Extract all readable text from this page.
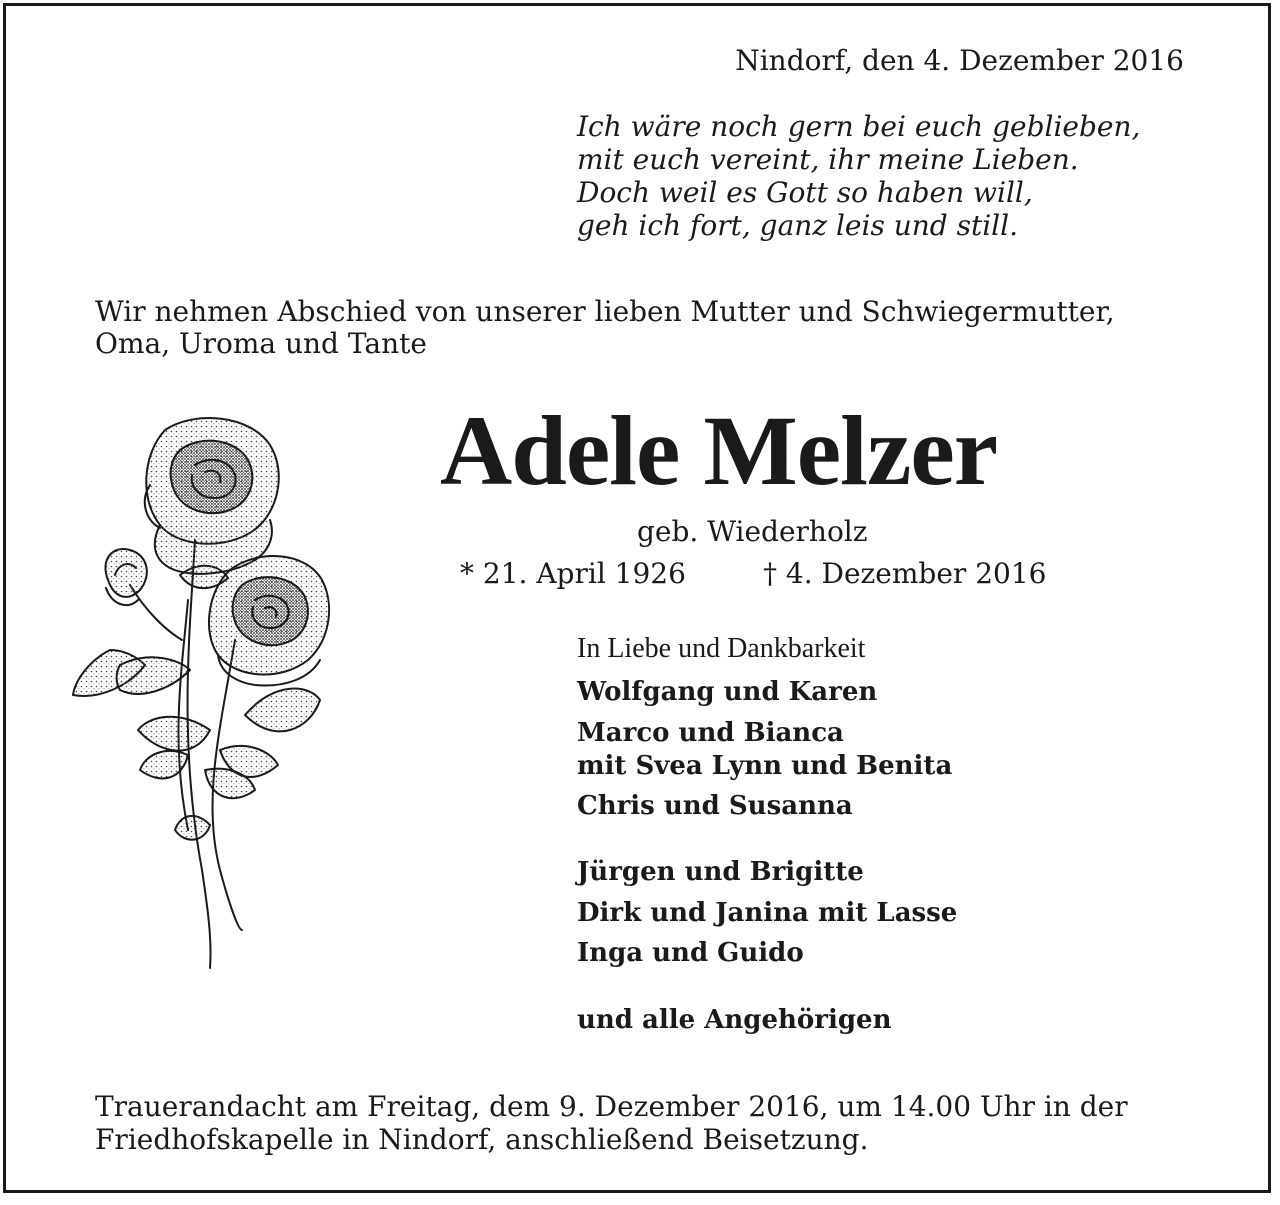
Nindorf, den 4. Dezember 2016
Ich wäre noch gern bei euch geblieben,
mit euch vereint, ihr meine Lieben.
Doch weil es Gott so haben will,
geh ich fort, ganz leis und still.
Wir nehmen Abschied von unserer lieben Mutter und Schwiegermutter,
Oma, Uroma und Tante
Adele Melzer
geb. Wiederholz
* 21. April 1926	† 4. Dezember 2016
In Liebe und Dankbarkeit
Wolfgang und Karen
Marco und Bianca
mit Svea Lynn und Benita
Chris und Susanna
Jürgen und Brigitte
Dirk und Janina mit Lasse
Inga und Guido
und alle Angehörigen
Trauerandacht am Freitag, dem 9. Dezember 2016, um 14.00 Uhr in der
Friedhofskapelle in Nindorf, anschließend Beisetzung.
